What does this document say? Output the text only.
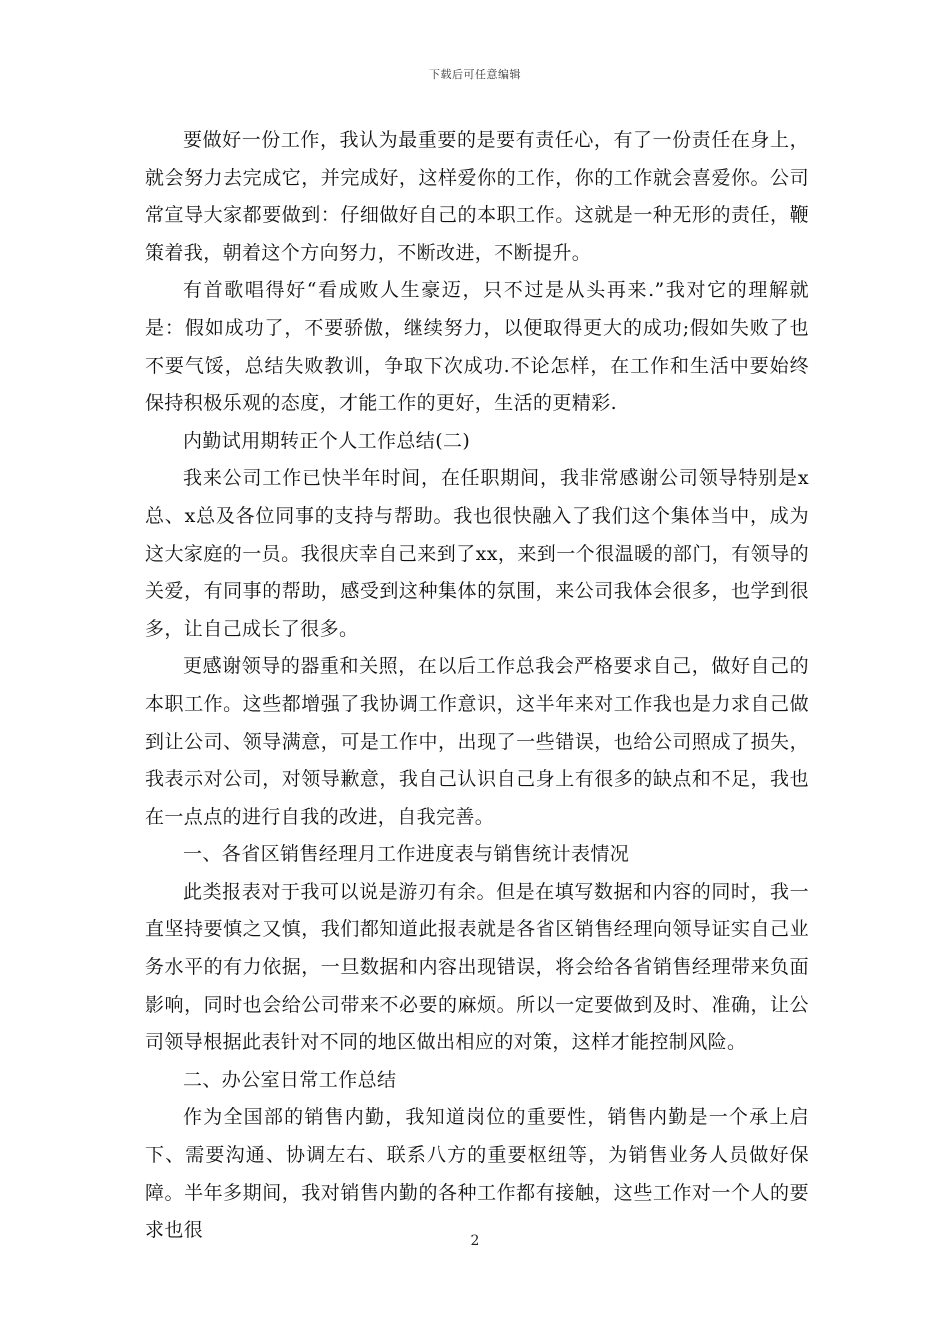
下载后可任意编辑

要做好一份工作，我认为最重要的是要有责任心，有了一份责任在身上，就会努力去完成它，并完成好，这样爱你的工作，你的工作就会喜爱你。公司常宣导大家都要做到：仔细做好自己的本职工作。这就是一种无形的责任，鞭策着我，朝着这个方向努力，不断改进，不断提升。

有首歌唱得好“看成败人生豪迈，只不过是从头再来.”我对它的理解就是：假如成功了，不要骄傲，继续努力，以便取得更大的成功;假如失败了也不要气馁，总结失败教训，争取下次成功.不论怎样，在工作和生活中要始终保持积极乐观的态度，才能工作的更好，生活的更精彩.

内勤试用期转正个人工作总结(二)

我来公司工作已快半年时间，在任职期间，我非常感谢公司领导特别是x总、x总及各位同事的支持与帮助。我也很快融入了我们这个集体当中，成为这大家庭的一员。我很庆幸自己来到了xx，来到一个很温暖的部门，有领导的关爱，有同事的帮助，感受到这种集体的氛围，来公司我体会很多，也学到很多，让自己成长了很多。

更感谢领导的器重和关照，在以后工作总我会严格要求自己，做好自己的本职工作。这些都增强了我协调工作意识，这半年来对工作我也是力求自己做到让公司、领导满意，可是工作中，出现了一些错误，也给公司照成了损失，我表示对公司，对领导歉意，我自己认识自己身上有很多的缺点和不足，我也在一点点的进行自我的改进，自我完善。

一、各省区销售经理月工作进度表与销售统计表情况

此类报表对于我可以说是游刃有余。但是在填写数据和内容的同时，我一直坚持要慎之又慎，我们都知道此报表就是各省区销售经理向领导证实自己业务水平的有力依据，一旦数据和内容出现错误，将会给各省销售经理带来负面影响，同时也会给公司带来不必要的麻烦。所以一定要做到及时、准确，让公司领导根据此表针对不同的地区做出相应的对策，这样才能控制风险。

二、办公室日常工作总结

作为全国部的销售内勤，我知道岗位的重要性，销售内勤是一个承上启下、需要沟通、协调左右、联系八方的重要枢纽等，为销售业务人员做好保障。半年多期间，我对销售内勤的各种工作都有接触，这些工作对一个人的要求也很	2
